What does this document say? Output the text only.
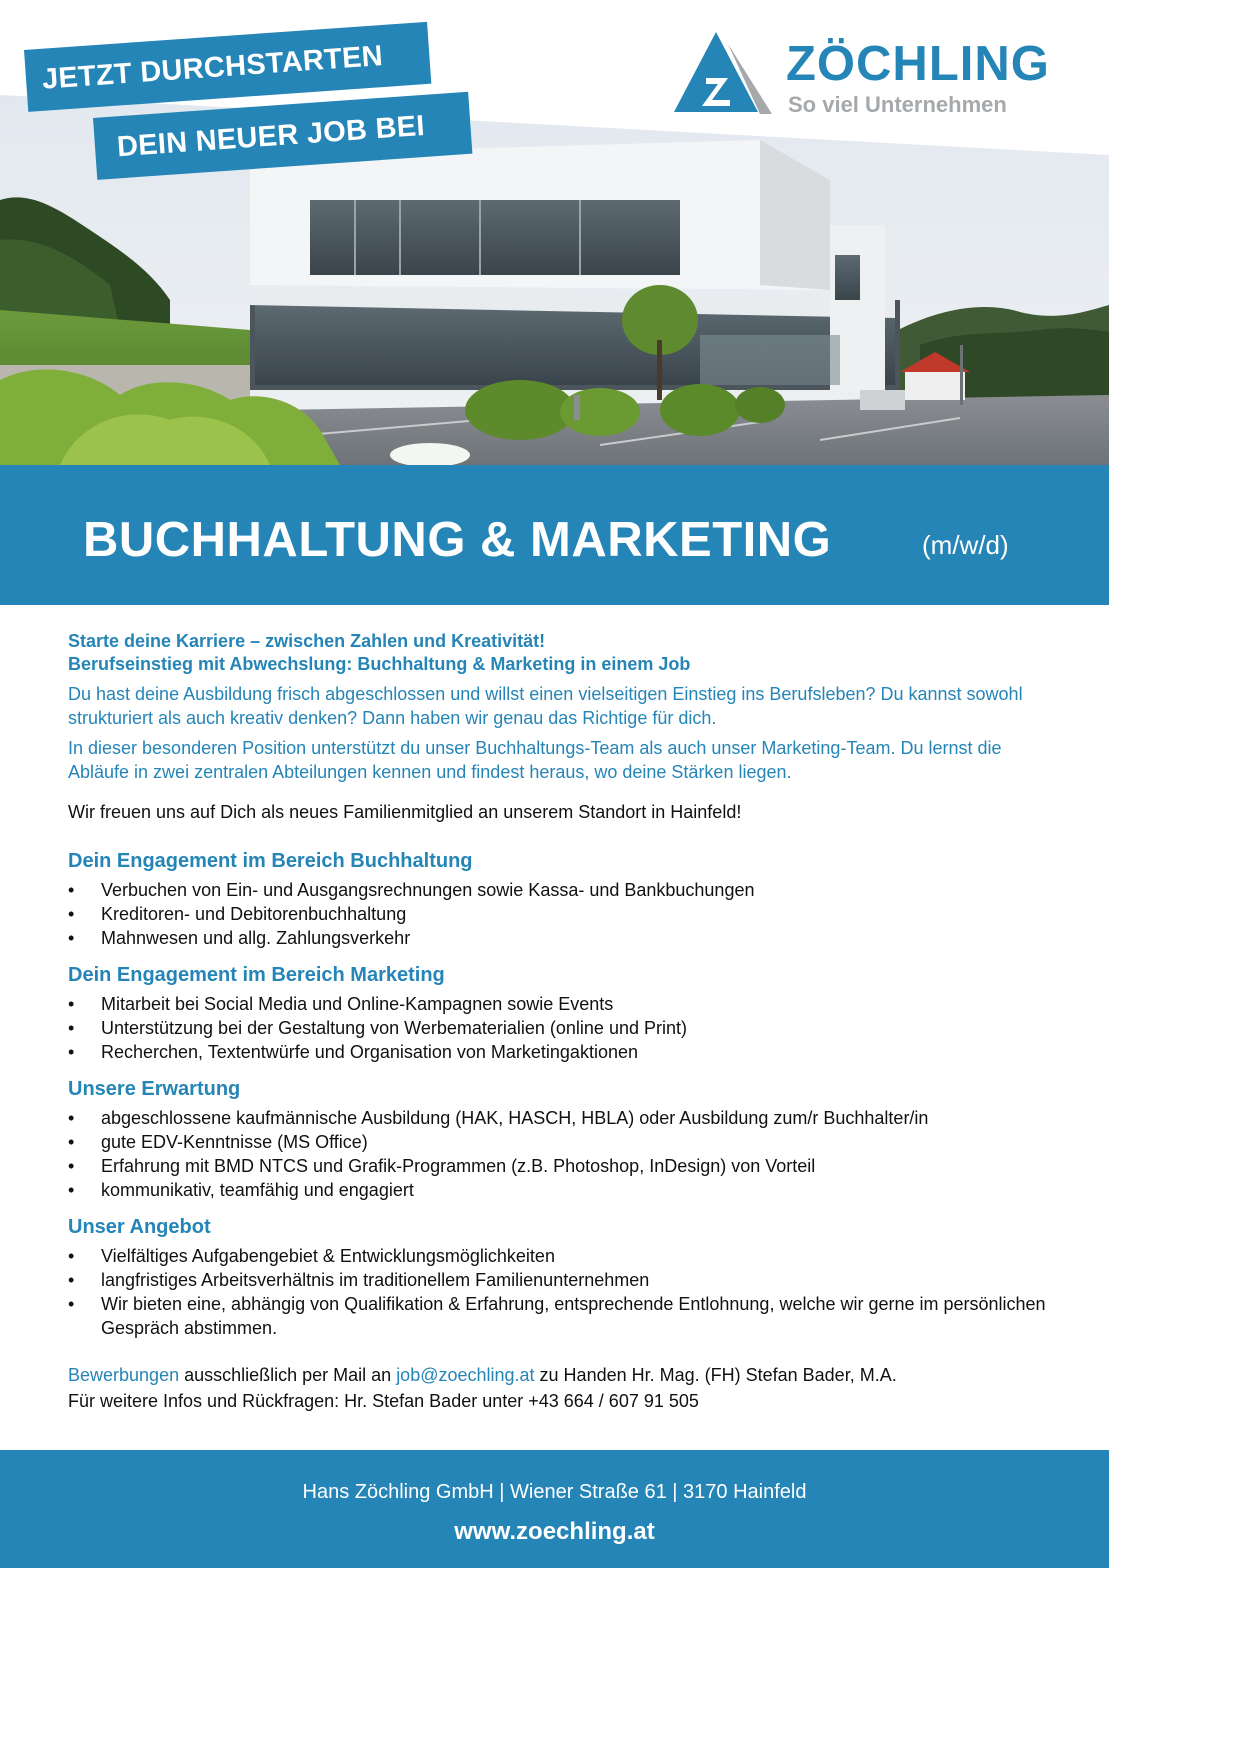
JETZT DURCHSTARTEN
DEIN NEUER JOB BEI
ZÖCHLING
So viel Unternehmen
BUCHHALTUNG & MARKETING	(m/w/d)

Starte deine Karriere – zwischen Zahlen und Kreativität!

Berufseinstieg mit Abwechslung: Buchhaltung & Marketing in einem Job

Du hast deine Ausbildung frisch abgeschlossen und willst einen vielseitigen Einstieg ins Berufsleben? Du kannst sowohl strukturiert als auch kreativ denken? Dann haben wir genau das Richtige für dich.

In dieser besonderen Position unterstützt du unser Buchhaltungs-Team als auch unser Marketing-Team. Du lernst die Abläufe in zwei zentralen Abteilungen kennen und findest heraus, wo deine Stärken liegen.

Wir freuen uns auf Dich als neues Familienmitglied an unserem Standort in Hainfeld!

Dein Engagement im Bereich Buchhaltung
• Verbuchen von Ein- und Ausgangsrechnungen sowie Kassa- und Bankbuchungen
• Kreditoren- und Debitorenbuchhaltung
• Mahnwesen und allg. Zahlungsverkehr
Dein Engagement im Bereich Marketing
• Mitarbeit bei Social Media und Online-Kampagnen sowie Events
• Unterstützung bei der Gestaltung von Werbematerialien (online und Print)
• Recherchen, Textentwürfe und Organisation von Marketingaktionen
Unsere Erwartung
• abgeschlossene kaufmännische Ausbildung (HAK, HASCH, HBLA) oder Ausbildung zum/r Buchhalter/in
• gute EDV-Kenntnisse (MS Office)
• Erfahrung mit BMD NTCS und Grafik-Programmen (z.B. Photoshop, InDesign) von Vorteil
• kommunikativ, teamfähig und engagiert
Unser Angebot
• Vielfältiges Aufgabengebiet & Entwicklungsmöglichkeiten
• langfristiges Arbeitsverhältnis im traditionellem Familienunternehmen
• Wir bieten eine, abhängig von Qualifikation & Erfahrung, entsprechende Entlohnung, welche wir gerne im persönlichen Gespräch abstimmen.

Bewerbungen ausschließlich per Mail an job@zoechling.at zu Handen Hr. Mag. (FH) Stefan Bader, M.A.
Für weitere Infos und Rückfragen: Hr. Stefan Bader unter +43 664 / 607 91 505

Hans Zöchling GmbH | Wiener Straße 61 | 3170 Hainfeld
www.zoechling.at
